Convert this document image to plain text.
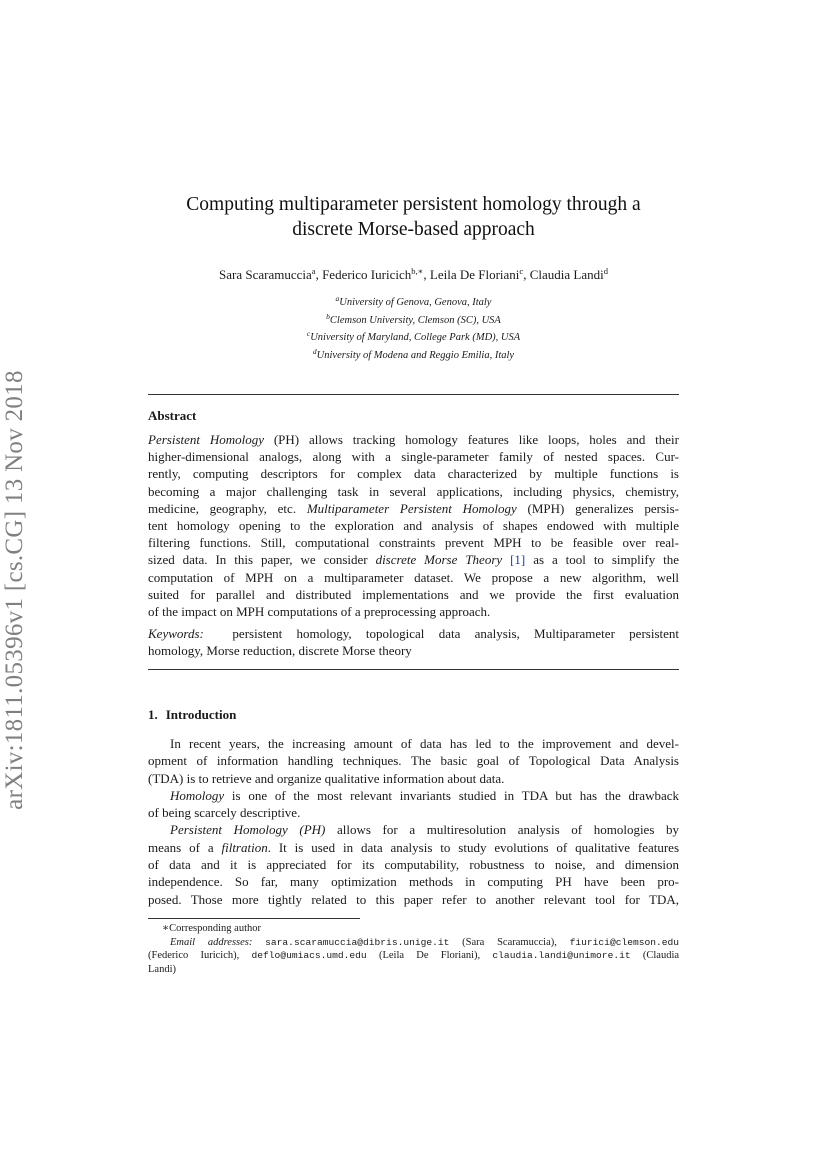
arXiv:1811.05396v1 [cs.CG] 13 Nov 2018
Computing multiparameter persistent homology through a
discrete Morse-based approach
Sara Scaramuccia$^a$, Federico Iuricich$^{b,∗}$, Leila De Floriani$^c$, Claudia Landi$^d$
$^a$University of Genova, Genova, Italy
$^b$Clemson University, Clemson (SC), USA
$^c$University of Maryland, College Park (MD), USA
$^d$University of Modena and Reggio Emilia, Italy
Abstract
Persistent Homology (PH) allows tracking homology features like loops, holes and their
higher-dimensional analogs, along with a single-parameter family of nested spaces. Cur-
rently, computing descriptors for complex data characterized by multiple functions is
becoming a major challenging task in several applications, including physics, chemistry,
medicine, geography, etc. Multiparameter Persistent Homology (MPH) generalizes persis-
tent homology opening to the exploration and analysis of shapes endowed with multiple
filtering functions. Still, computational constraints prevent MPH to be feasible over real-
sized data. In this paper, we consider discrete Morse Theory [1] as a tool to simplify the
computation of MPH on a multiparameter dataset. We propose a new algorithm, well
suited for parallel and distributed implementations and we provide the first evaluation
of the impact on MPH computations of a preprocessing approach.
Keywords: persistent homology, topological data analysis, Multiparameter persistent
homology, Morse reduction, discrete Morse theory
1. Introduction
In recent years, the increasing amount of data has led to the improvement and devel-
opment of information handling techniques. The basic goal of Topological Data Analysis
(TDA) is to retrieve and organize qualitative information about data.
Homology is one of the most relevant invariants studied in TDA but has the drawback
of being scarcely descriptive.
Persistent Homology (PH) allows for a multiresolution analysis of homologies by
means of a filtration. It is used in data analysis to study evolutions of qualitative features
of data and it is appreciated for its computability, robustness to noise, and dimension
independence. So far, many optimization methods in computing PH have been pro-
posed. Those more tightly related to this paper refer to another relevant tool for TDA,
∗Corresponding author
Email addresses: sara.scaramuccia@dibris.unige.it (Sara Scaramuccia), fiurici@clemson.edu
(Federico Iuricich), deflo@umiacs.umd.edu (Leila De Floriani), claudia.landi@unimore.it (Claudia
Landi)
